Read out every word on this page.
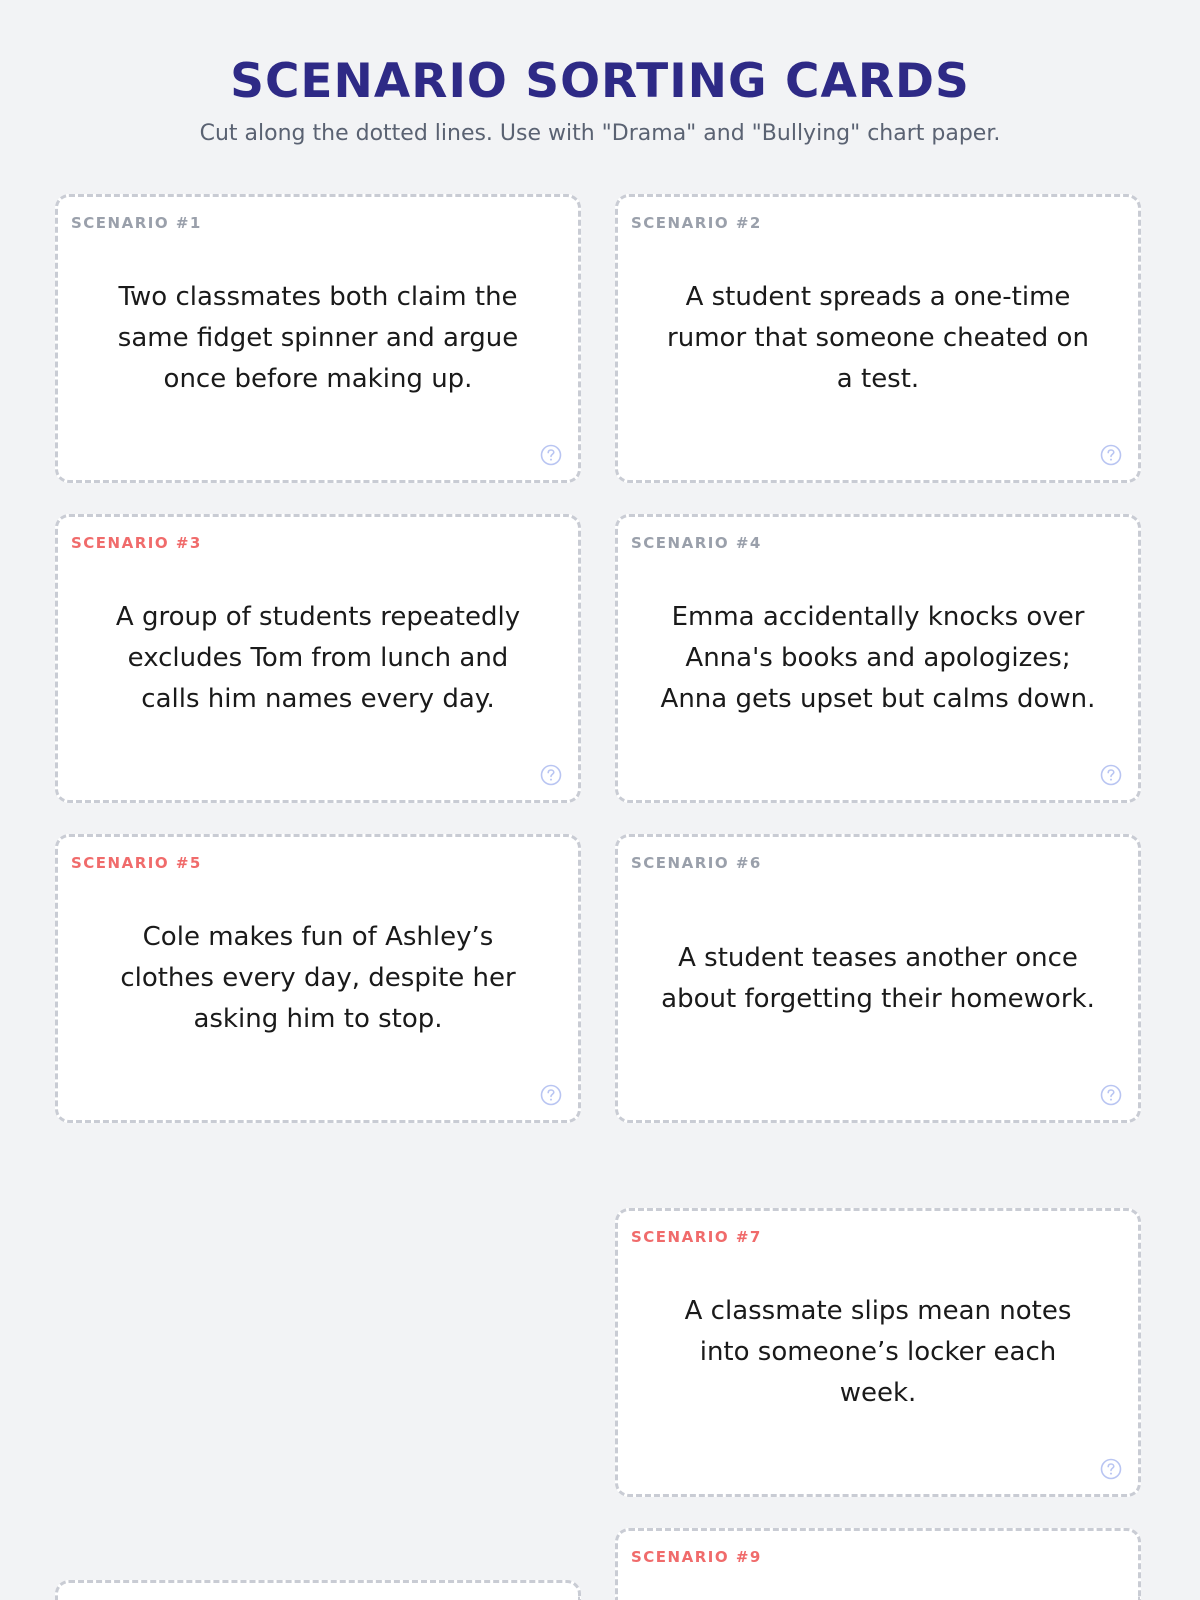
SCENARIO SORTING CARDS

Cut along the dotted lines. Use with "Drama" and "Bullying" chart paper.

SCENARIO #1
Two classmates both claim the same fidget spinner and argue once before making up.
SCENARIO #2
A student spreads a one-time rumor that someone cheated on a test.
SCENARIO #3
A group of students repeatedly excludes Tom from lunch and calls him names every day.
SCENARIO #4
Emma accidentally knocks over Anna's books and apologizes; Anna gets upset but calms down.
SCENARIO #5
Cole makes fun of Ashley’s clothes every day, despite her asking him to stop.
SCENARIO #6
A student teases another once about forgetting their homework.
SCENARIO #7
A classmate slips mean notes into someone’s locker each week.
SCENARIO #9
